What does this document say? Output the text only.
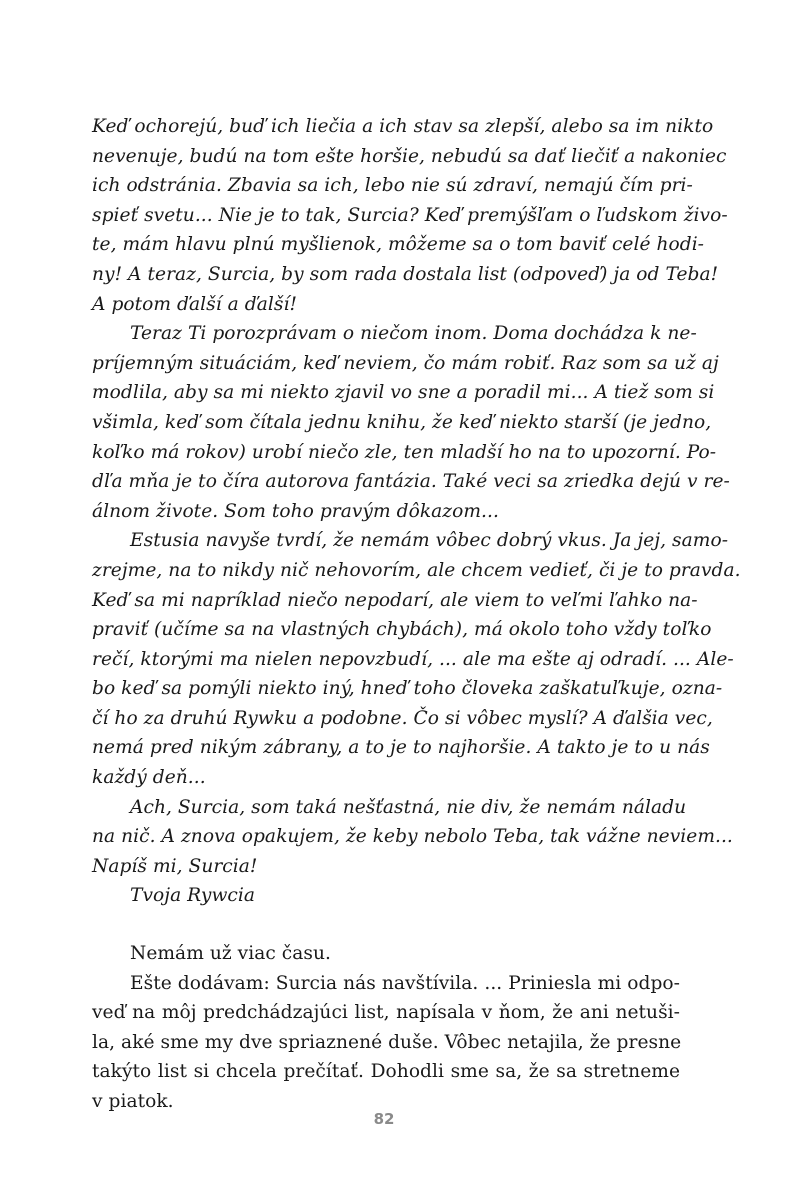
Keď ochorejú, buď ich liečia a ich stav sa zlepší, alebo sa im nikto
nevenuje, budú na tom ešte horšie, nebudú sa dať liečiť a nakoniec
ich odstránia. Zbavia sa ich, lebo nie sú zdraví, nemajú čím pri-
spieť svetu... Nie je to tak, Surcia? Keď premýšľam o ľudskom živo-
te, mám hlavu plnú myšlienok, môžeme sa o tom baviť celé hodi-
ny! A teraz, Surcia, by som rada dostala list (odpoveď) ja od Teba!
A potom ďalší a ďalší!
Teraz Ti porozprávam o niečom inom. Doma dochádza k ne-
príjemným situáciám, keď neviem, čo mám robiť. Raz som sa už aj
modlila, aby sa mi niekto zjavil vo sne a poradil mi... A tiež som si
všimla, keď som čítala jednu knihu, že keď niekto starší (je jedno,
koľko má rokov) urobí niečo zle, ten mladší ho na to upozorní. Po-
dľa mňa je to čírа autorova fantázia. Také veci sa zriedka dejú v re-
álnom živote. Som toho pravým dôkazom...
Estusia navyše tvrdí, že nemám vôbec dobrý vkus. Ja jej, samo-
zrejme, na to nikdy nič nehovorím, ale chcem vedieť, či je to pravda.
Keď sa mi napríklad niečo nepodarí, ale viem to veľmi ľahko na-
praviť (učíme sa na vlastných chybách), má okolo toho vždy toľko
rečí, ktorými ma nielen nepovzbudí, ... ale ma ešte aj odradí. ... Ale-
bo keď sa pomýli niekto iný, hneď toho človeka zaškatuľkuje, ozna-
čí ho za druhú Rywku a podobne. Čo si vôbec myslí? A ďalšia vec,
nemá pred nikým zábrany, a to je to najhoršie. A takto je to u nás
každý deň...
Ach, Surcia, som taká nešťastná, nie div, že nemám náladu
na nič. A znova opakujem, že keby nebolo Teba, tak vážne neviem...
Napíš mi, Surcia!
Tvoja Rywcia
Nemám už viac času.
Ešte dodávam: Surcia nás navštívila. ... Priniesla mi odpo-
veď na môj predchádzajúci list, napísala v ňom, že ani netuši-
la, aké sme my dve spriaznené duše. Vôbec netajila, že presne
takýto list si chcela prečítať. Dohodli sme sa, že sa stretneme
v piatok.
82
